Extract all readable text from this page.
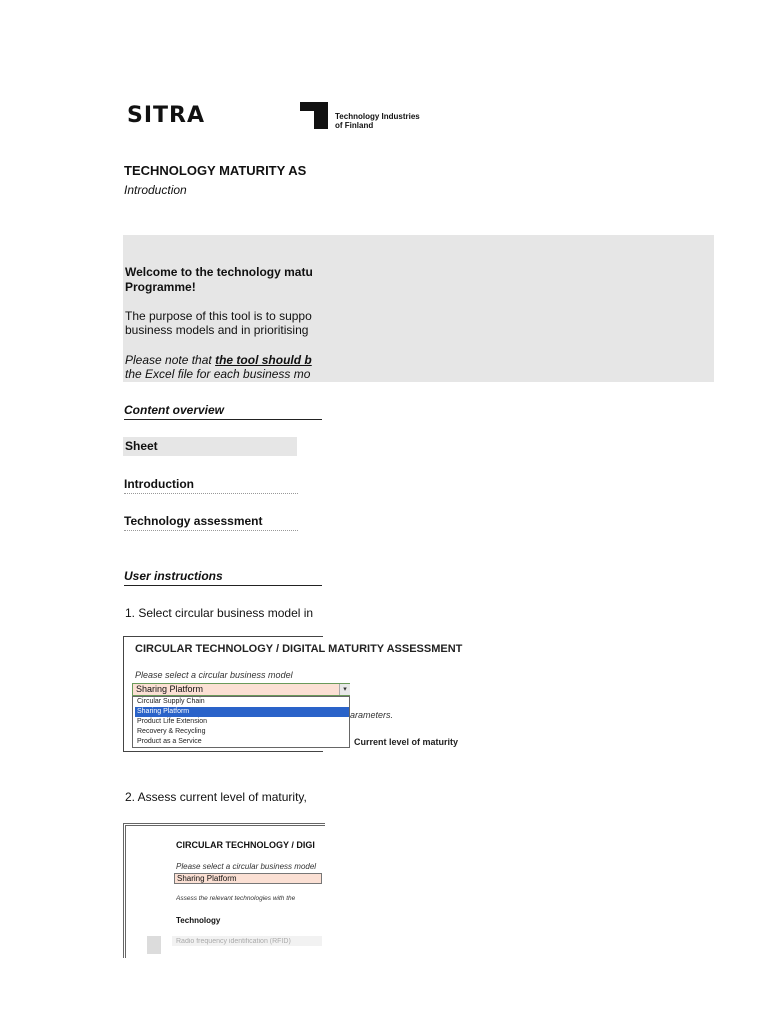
SITRA	Technology Industries
of Finland
TECHNOLOGY MATURITY AS
Introduction
Welcome to the technology matu
Programme!
The purpose of this tool is to suppo
business models and in prioritising
Please note that the tool should b
the Excel file for each business mo
Content overview
Sheet
Introduction
Technology assessment
User instructions
1. Select circular business model in
CIRCULAR TECHNOLOGY / DIGITAL MATURITY ASSESSMENT
Please select a circular business model
Sharing Platform	▾
Circular Supply Chain
Sharing Platform
Product Life Extension
Recovery & Recycling
Product as a Service
arameters.
Current level of maturity
2. Assess current level of maturity,
CIRCULAR TECHNOLOGY / DIGI
Please select a circular business model
Sharing Platform
Assess the relevant technologies with the
Technology
Radio frequency identification (RFID)
